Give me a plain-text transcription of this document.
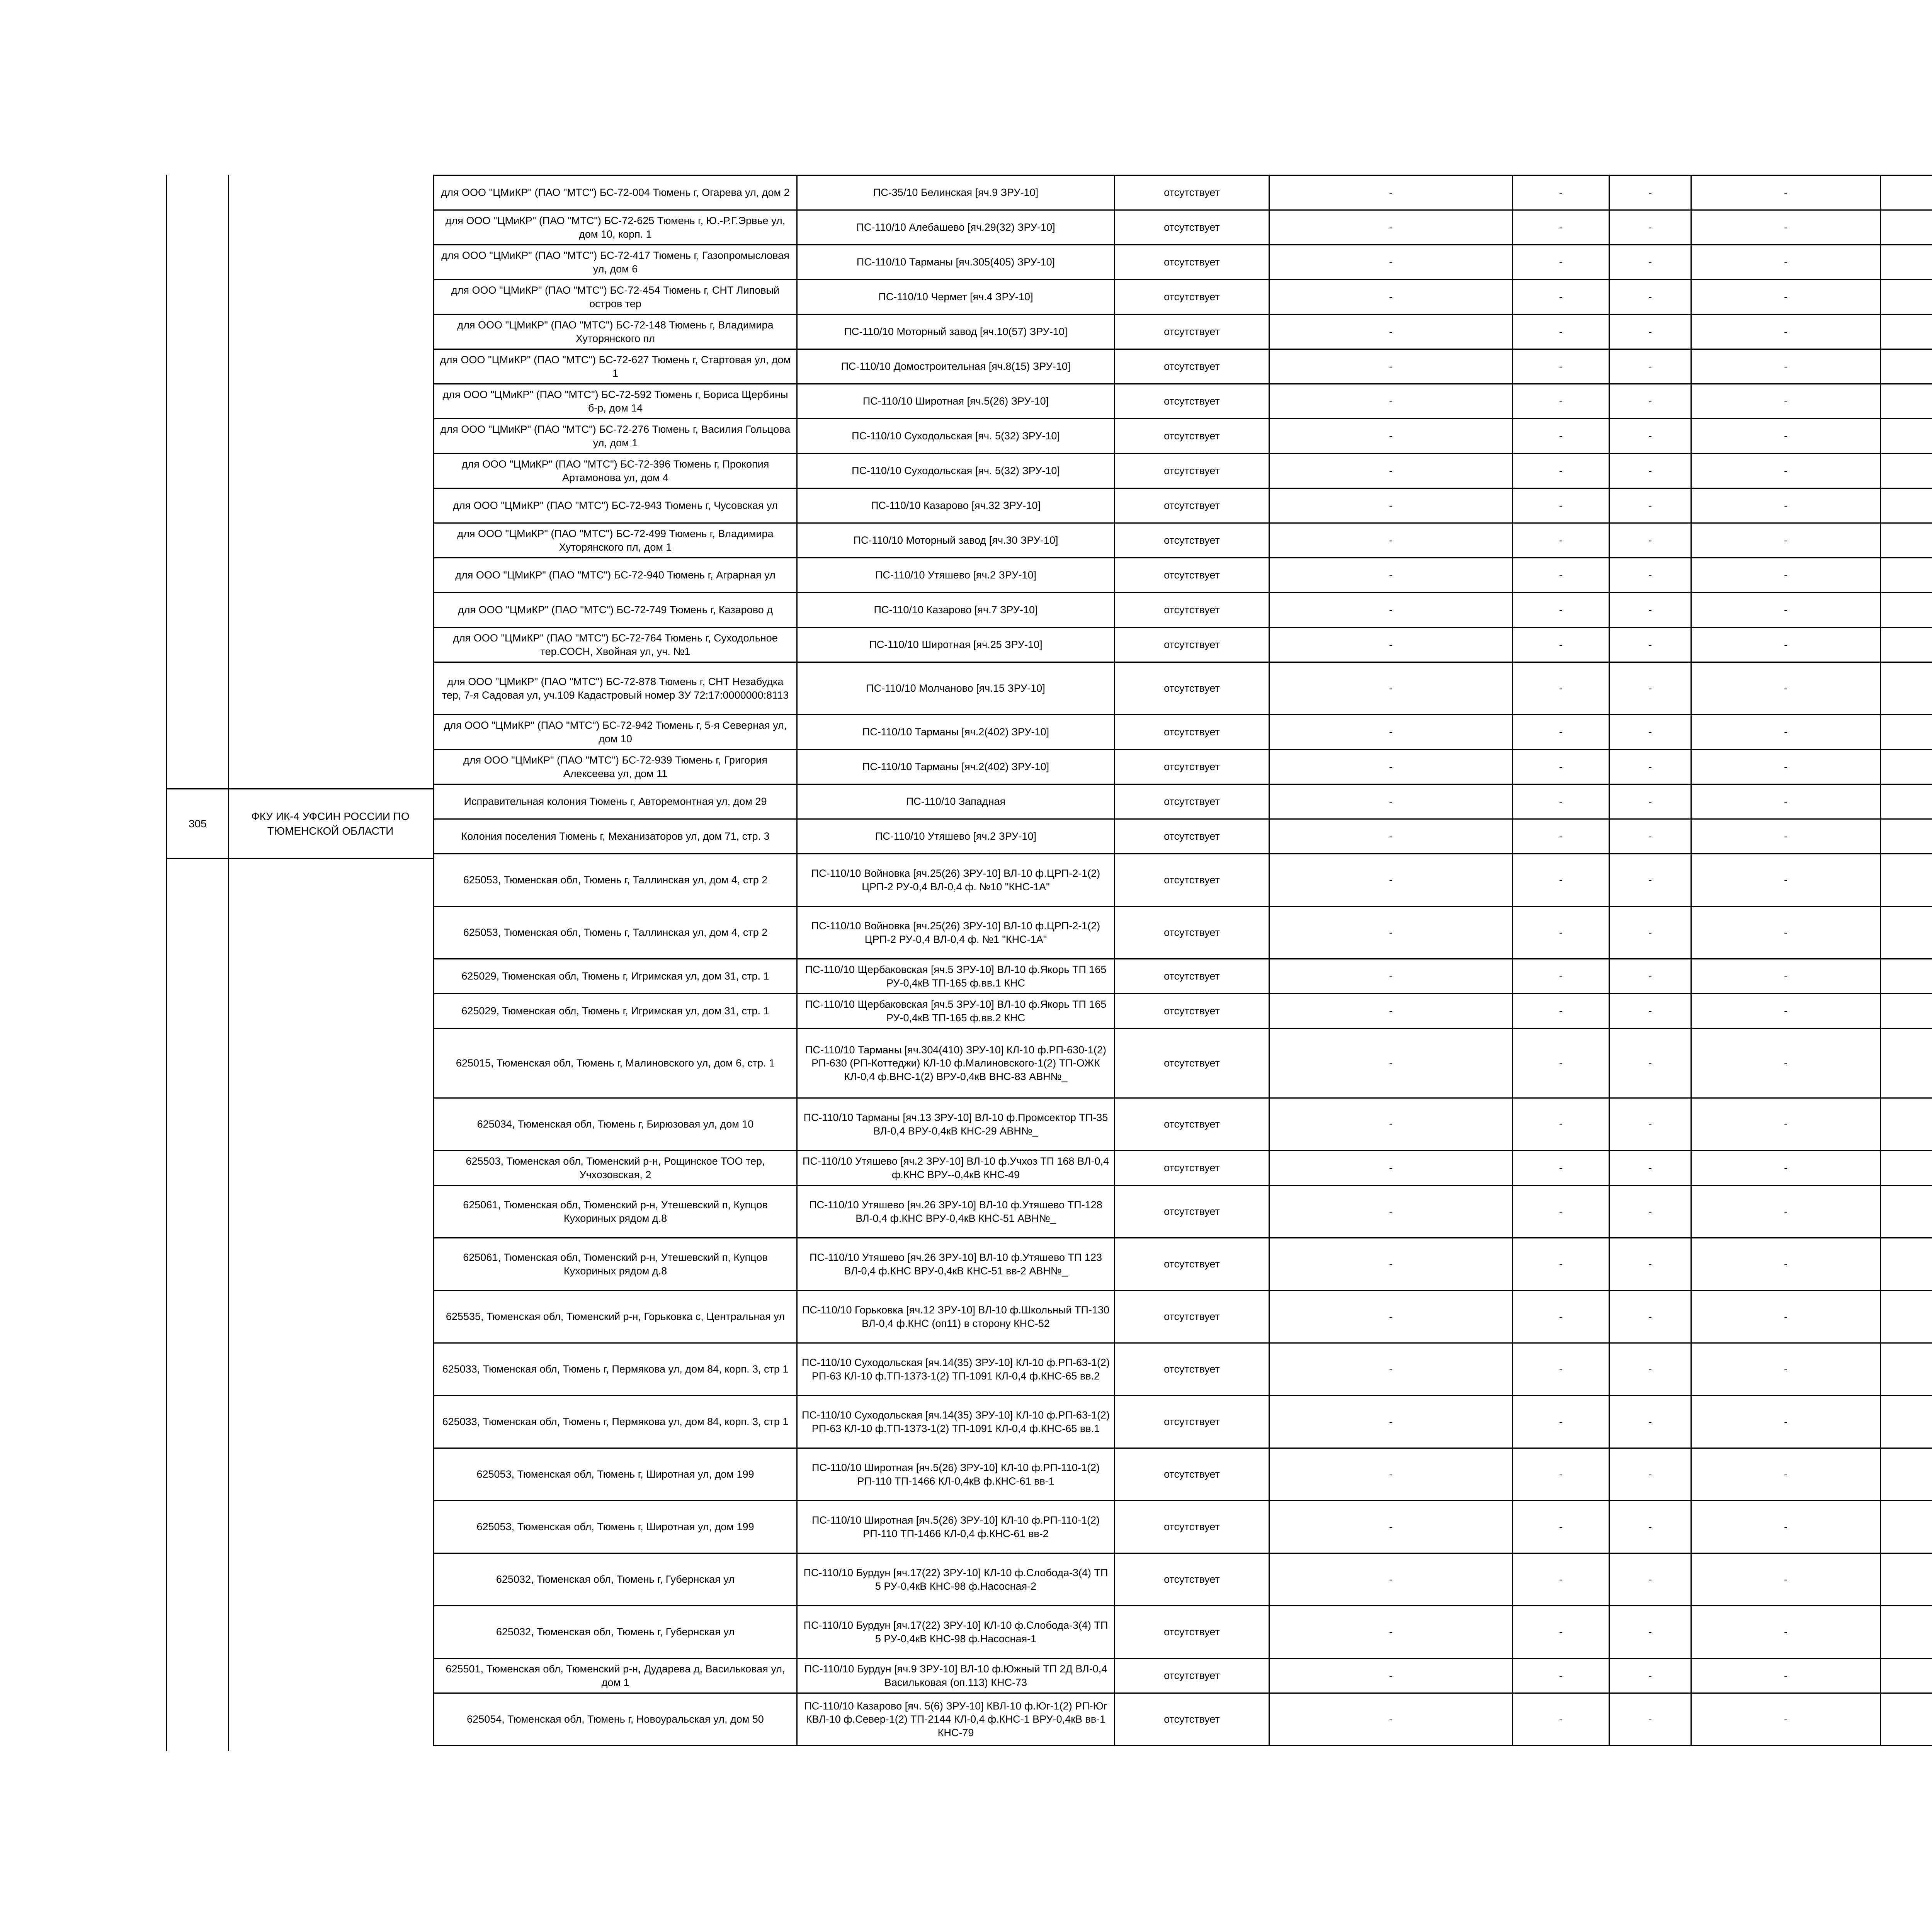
305
ФКУ ИК-4 УФСИН РОССИИ ПО ТЮМЕНСКОЙ ОБЛАСТИ
для ООО "ЦМиКР" (ПАО "МТС") БС-72-004 Тюмень г, Огарева ул, дом 2	ПС-35/10 Белинская [яч.9 ЗРУ-10]	отсутствует	-	-	-	-		
для ООО "ЦМиКР" (ПАО "МТС") БС-72-625 Тюмень г, Ю.-Р.Г.Эрвье ул, дом 10, корп. 1	ПС-110/10 Алебашево [яч.29(32) ЗРУ-10]	отсутствует	-	-	-	-		
для ООО "ЦМиКР" (ПАО "МТС") БС-72-417 Тюмень г, Газопромысловая ул, дом 6	ПС-110/10 Тарманы [яч.305(405) ЗРУ-10]	отсутствует	-	-	-	-		
для ООО "ЦМиКР" (ПАО "МТС") БС-72-454 Тюмень г, СНТ Липовый остров тер	ПС-110/10 Чермет [яч.4 ЗРУ-10]	отсутствует	-	-	-	-		
для ООО "ЦМиКР" (ПАО "МТС") БС-72-148 Тюмень г, Владимира Хуторянского пл	ПС-110/10 Моторный завод [яч.10(57) ЗРУ-10]	отсутствует	-	-	-	-		
для ООО "ЦМиКР" (ПАО "МТС") БС-72-627 Тюмень г, Стартовая ул, дом 1	ПС-110/10 Домостроительная [яч.8(15) ЗРУ-10]	отсутствует	-	-	-	-		
для ООО "ЦМиКР" (ПАО "МТС") БС-72-592 Тюмень г, Бориса Щербины б-р, дом 14	ПС-110/10 Широтная [яч.5(26) ЗРУ-10]	отсутствует	-	-	-	-		
для ООО "ЦМиКР" (ПАО "МТС") БС-72-276 Тюмень г, Василия Гольцова ул, дом 1	ПС-110/10 Суходольская [яч. 5(32) ЗРУ-10]	отсутствует	-	-	-	-		
для ООО "ЦМиКР" (ПАО "МТС") БС-72-396 Тюмень г, Прокопия Артамонова ул, дом 4	ПС-110/10 Суходольская [яч. 5(32) ЗРУ-10]	отсутствует	-	-	-	-		
для ООО "ЦМиКР" (ПАО "МТС") БС-72-943 Тюмень г, Чусовская ул	ПС-110/10 Казарово [яч.32 ЗРУ-10]	отсутствует	-	-	-	-		
для ООО "ЦМиКР" (ПАО "МТС") БС-72-499 Тюмень г, Владимира Хуторянского пл, дом 1	ПС-110/10 Моторный завод [яч.30 ЗРУ-10]	отсутствует	-	-	-	-		
для ООО "ЦМиКР" (ПАО "МТС") БС-72-940 Тюмень г, Аграрная ул	ПС-110/10 Утяшево [яч.2 ЗРУ-10]	отсутствует	-	-	-	-		
для ООО "ЦМиКР" (ПАО "МТС") БС-72-749 Тюмень г, Казарово д	ПС-110/10 Казарово [яч.7 ЗРУ-10]	отсутствует	-	-	-	-		
для ООО "ЦМиКР" (ПАО "МТС") БС-72-764 Тюмень г, Суходольное тер.СОСН, Хвойная ул, уч. №1	ПС-110/10 Широтная [яч.25 ЗРУ-10]	отсутствует	-	-	-	-		
для ООО "ЦМиКР" (ПАО "МТС") БС-72-878 Тюмень г, СНТ Незабудка тер, 7-я Садовая ул, уч.109 Кадастровый номер ЗУ 72:17:0000000:8113	ПС-110/10 Молчаново [яч.15 ЗРУ-10]	отсутствует	-	-	-	-		
для ООО "ЦМиКР" (ПАО "МТС") БС-72-942 Тюмень г, 5-я Северная ул, дом 10	ПС-110/10 Тарманы [яч.2(402) ЗРУ-10]	отсутствует	-	-	-	-		
для ООО "ЦМиКР" (ПАО "МТС") БС-72-939 Тюмень г, Григория Алексеева ул, дом 11	ПС-110/10 Тарманы [яч.2(402) ЗРУ-10]	отсутствует	-	-	-	-		
Исправительная колония Тюмень г, Авторемонтная ул, дом 29	ПС-110/10 Западная	отсутствует	-	-	-	-		
Колония поселения Тюмень г, Механизаторов ул, дом 71, стр. 3	ПС-110/10 Утяшево [яч.2 ЗРУ-10]	отсутствует	-	-	-	-		
625053, Тюменская обл, Тюмень г, Таллинская ул, дом 4, стр 2	ПС-110/10 Войновка [яч.25(26) ЗРУ-10] ВЛ-10 ф.ЦРП-2-1(2) ЦРП-2 РУ-0,4 ВЛ-0,4 ф. №10 "КНС-1А"	отсутствует	-	-	-	-		
625053, Тюменская обл, Тюмень г, Таллинская ул, дом 4, стр 2	ПС-110/10 Войновка [яч.25(26) ЗРУ-10] ВЛ-10 ф.ЦРП-2-1(2) ЦРП-2 РУ-0,4 ВЛ-0,4 ф. №1 "КНС-1А"	отсутствует	-	-	-	-		
625029, Тюменская обл, Тюмень г, Игримская ул, дом 31, стр. 1	ПС-110/10 Щербаковская [яч.5 ЗРУ-10] ВЛ-10 ф.Якорь ТП 165 РУ-0,4кВ ТП-165 ф.вв.1 КНС	отсутствует	-	-	-	-		
625029, Тюменская обл, Тюмень г, Игримская ул, дом 31, стр. 1	ПС-110/10 Щербаковская [яч.5 ЗРУ-10] ВЛ-10 ф.Якорь ТП 165 РУ-0,4кВ ТП-165 ф.вв.2 КНС	отсутствует	-	-	-	-		
625015, Тюменская обл, Тюмень г, Малиновского ул, дом 6, стр. 1	ПС-110/10 Тарманы [яч.304(410) ЗРУ-10] КЛ-10 ф.РП-630-1(2) РП-630 (РП-Коттеджи) КЛ-10 ф.Малиновского-1(2) ТП-ОЖК КЛ-0,4 ф.ВНС-1(2) ВРУ-0,4кВ ВНС-83 АВН№_	отсутствует	-	-	-	-		
625034, Тюменская обл, Тюмень г, Бирюзовая ул, дом 10	ПС-110/10 Тарманы [яч.13 ЗРУ-10] ВЛ-10 ф.Промсектор ТП-35 ВЛ-0,4 ВРУ-0,4кВ КНС-29 АВН№_	отсутствует	-	-	-	-		
625503, Тюменская обл, Тюменский р-н, Рощинское ТОО тер, Учхозовская, 2	ПС-110/10 Утяшево [яч.2 ЗРУ-10] ВЛ-10 ф.Учхоз ТП 168 ВЛ-0,4 ф.КНС ВРУ--0,4кВ КНС-49	отсутствует	-	-	-	-		
625061, Тюменская обл, Тюменский р-н, Утешевский п, Купцов Кухориных рядом д.8	ПС-110/10 Утяшево [яч.26 ЗРУ-10] ВЛ-10 ф.Утяшево ТП-128 ВЛ-0,4 ф.КНС ВРУ-0,4кВ КНС-51 АВН№_	отсутствует	-	-	-	-		
625061, Тюменская обл, Тюменский р-н, Утешевский п, Купцов Кухориных рядом д.8	ПС-110/10 Утяшево [яч.26 ЗРУ-10] ВЛ-10 ф.Утяшево ТП 123 ВЛ-0,4 ф.КНС ВРУ-0,4кВ КНС-51 вв-2 АВН№_	отсутствует	-	-	-	-		
625535, Тюменская обл, Тюменский р-н, Горьковка с, Центральная ул	ПС-110/10 Горьковка [яч.12 ЗРУ-10] ВЛ-10 ф.Школьный ТП-130 ВЛ-0,4 ф.КНС (оп11) в сторону КНС-52	отсутствует	-	-	-	-		
625033, Тюменская обл, Тюмень г, Пермякова ул, дом 84, корп. 3, стр 1	ПС-110/10 Суходольская [яч.14(35) ЗРУ-10] КЛ-10 ф.РП-63-1(2) РП-63 КЛ-10 ф.ТП-1373-1(2) ТП-1091 КЛ-0,4 ф.КНС-65 вв.2	отсутствует	-	-	-	-		
625033, Тюменская обл, Тюмень г, Пермякова ул, дом 84, корп. 3, стр 1	ПС-110/10 Суходольская [яч.14(35) ЗРУ-10] КЛ-10 ф.РП-63-1(2) РП-63 КЛ-10 ф.ТП-1373-1(2) ТП-1091 КЛ-0,4 ф.КНС-65 вв.1	отсутствует	-	-	-	-		
625053, Тюменская обл, Тюмень г, Широтная ул, дом 199	ПС-110/10 Широтная [яч.5(26) ЗРУ-10] КЛ-10 ф.РП-110-1(2) РП-110 ТП-1466 КЛ-0,4кВ ф.КНС-61 вв-1	отсутствует	-	-	-	-		
625053, Тюменская обл, Тюмень г, Широтная ул, дом 199	ПС-110/10 Широтная [яч.5(26) ЗРУ-10] КЛ-10 ф.РП-110-1(2) РП-110 ТП-1466 КЛ-0,4 ф.КНС-61 вв-2	отсутствует	-	-	-	-		
625032, Тюменская обл, Тюмень г, Губернская ул	ПС-110/10 Бурдун [яч.17(22) ЗРУ-10] КЛ-10 ф.Слобода-3(4) ТП 5 РУ-0,4кВ КНС-98 ф.Насосная-2	отсутствует	-	-	-	-		
625032, Тюменская обл, Тюмень г, Губернская ул	ПС-110/10 Бурдун [яч.17(22) ЗРУ-10] КЛ-10 ф.Слобода-3(4) ТП 5 РУ-0,4кВ КНС-98 ф.Насосная-1	отсутствует	-	-	-	-		
625501, Тюменская обл, Тюменский р-н, Дударева д, Васильковая ул, дом 1	ПС-110/10 Бурдун [яч.9 ЗРУ-10] ВЛ-10 ф.Южный ТП 2Д ВЛ-0,4 Васильковая (оп.113) КНС-73	отсутствует	-	-	-	-		
625054, Тюменская обл, Тюмень г, Новоуральская ул, дом 50	ПС-110/10 Казарово [яч. 5(6) ЗРУ-10] КВЛ-10 ф.Юг-1(2) РП-Юг КВЛ-10 ф.Север-1(2) ТП-2144 КЛ-0,4 ф.КНС-1 ВРУ-0,4кВ вв-1 КНС-79	отсутствует	-	-	-	-		
